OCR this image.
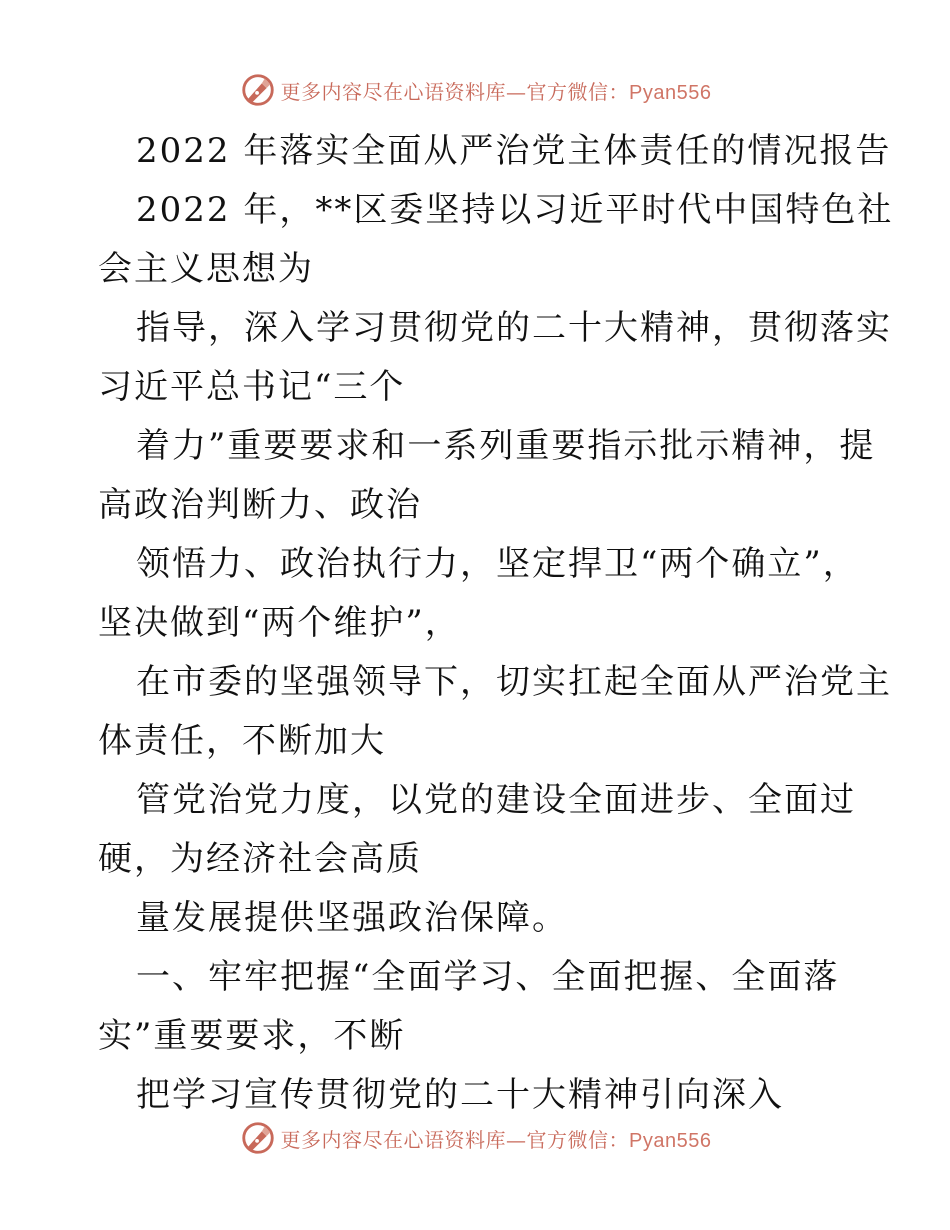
更多内容尽在心语资料库—官方微信：Pyan556
2022 年落实全面从严治党主体责任的情况报告
2022 年，**区委坚持以习近平时代中国特色社
会主义思想为
指导，深入学习贯彻党的二十大精神，贯彻落实
习近平总书记“三个
着力”重要要求和一系列重要指示批示精神，提
高政治判断力、政治
领悟力、政治执行力，坚定捍卫“两个确立”，
坚决做到“两个维护”，
在市委的坚强领导下，切实扛起全面从严治党主
体责任，不断加大
管党治党力度，以党的建设全面进步、全面过
硬，为经济社会高质
量发展提供坚强政治保障。
一、牢牢把握“全面学习、全面把握、全面落
实”重要要求，不断
把学习宣传贯彻党的二十大精神引向深入
更多内容尽在心语资料库—官方微信：Pyan556
